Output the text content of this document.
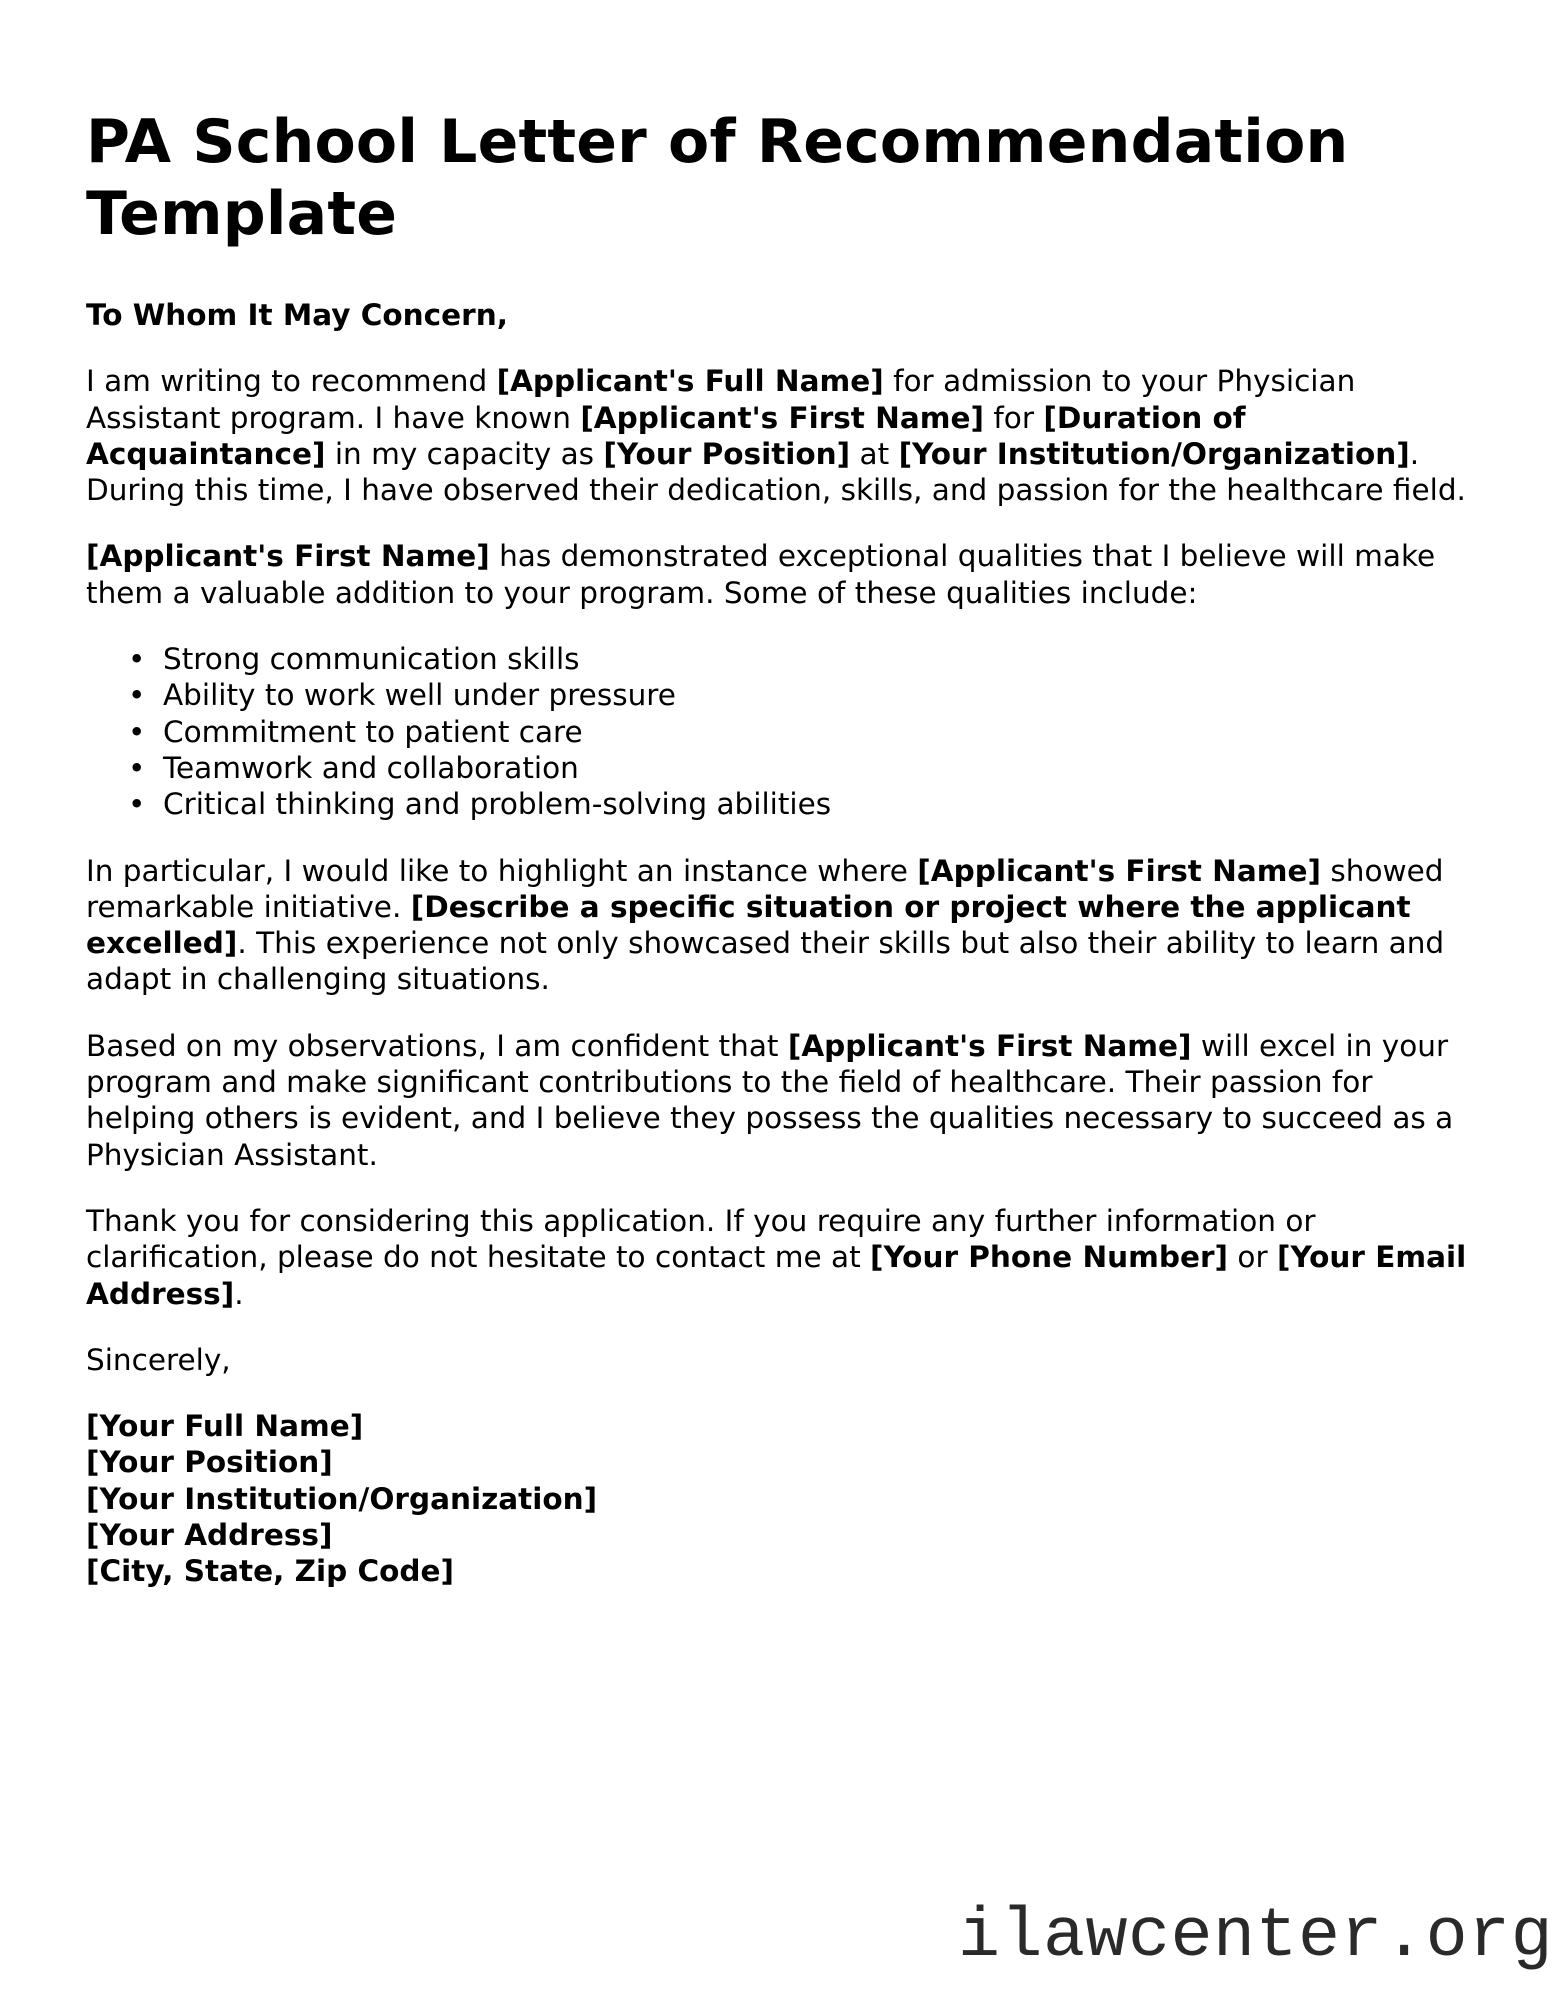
PA School Letter of Recommendation Template

To Whom It May Concern,

I am writing to recommend [Applicant's Full Name] for admission to your Physician Assistant program. I have known [Applicant's First Name] for [Duration of Acquaintance] in my capacity as [Your Position] at [Your Institution/Organization]. During this time, I have observed their dedication, skills, and passion for the healthcare field.

[Applicant's First Name] has demonstrated exceptional qualities that I believe will make them a valuable addition to your program. Some of these qualities include:

• Strong communication skills
• Ability to work well under pressure
• Commitment to patient care
• Teamwork and collaboration
• Critical thinking and problem-solving abilities

In particular, I would like to highlight an instance where [Applicant's First Name] showed remarkable initiative. [Describe a specific situation or project where the applicant excelled]. This experience not only showcased their skills but also their ability to learn and adapt in challenging situations.

Based on my observations, I am confident that [Applicant's First Name] will excel in your program and make significant contributions to the field of healthcare. Their passion for helping others is evident, and I believe they possess the qualities necessary to succeed as a Physician Assistant.

Thank you for considering this application. If you require any further information or clarification, please do not hesitate to contact me at [Your Phone Number] or [Your Email Address].

Sincerely,

[Your Full Name]

[Your Position]

[Your Institution/Organization]

[Your Address]

[City, State, Zip Code]

ilawcenter.org
